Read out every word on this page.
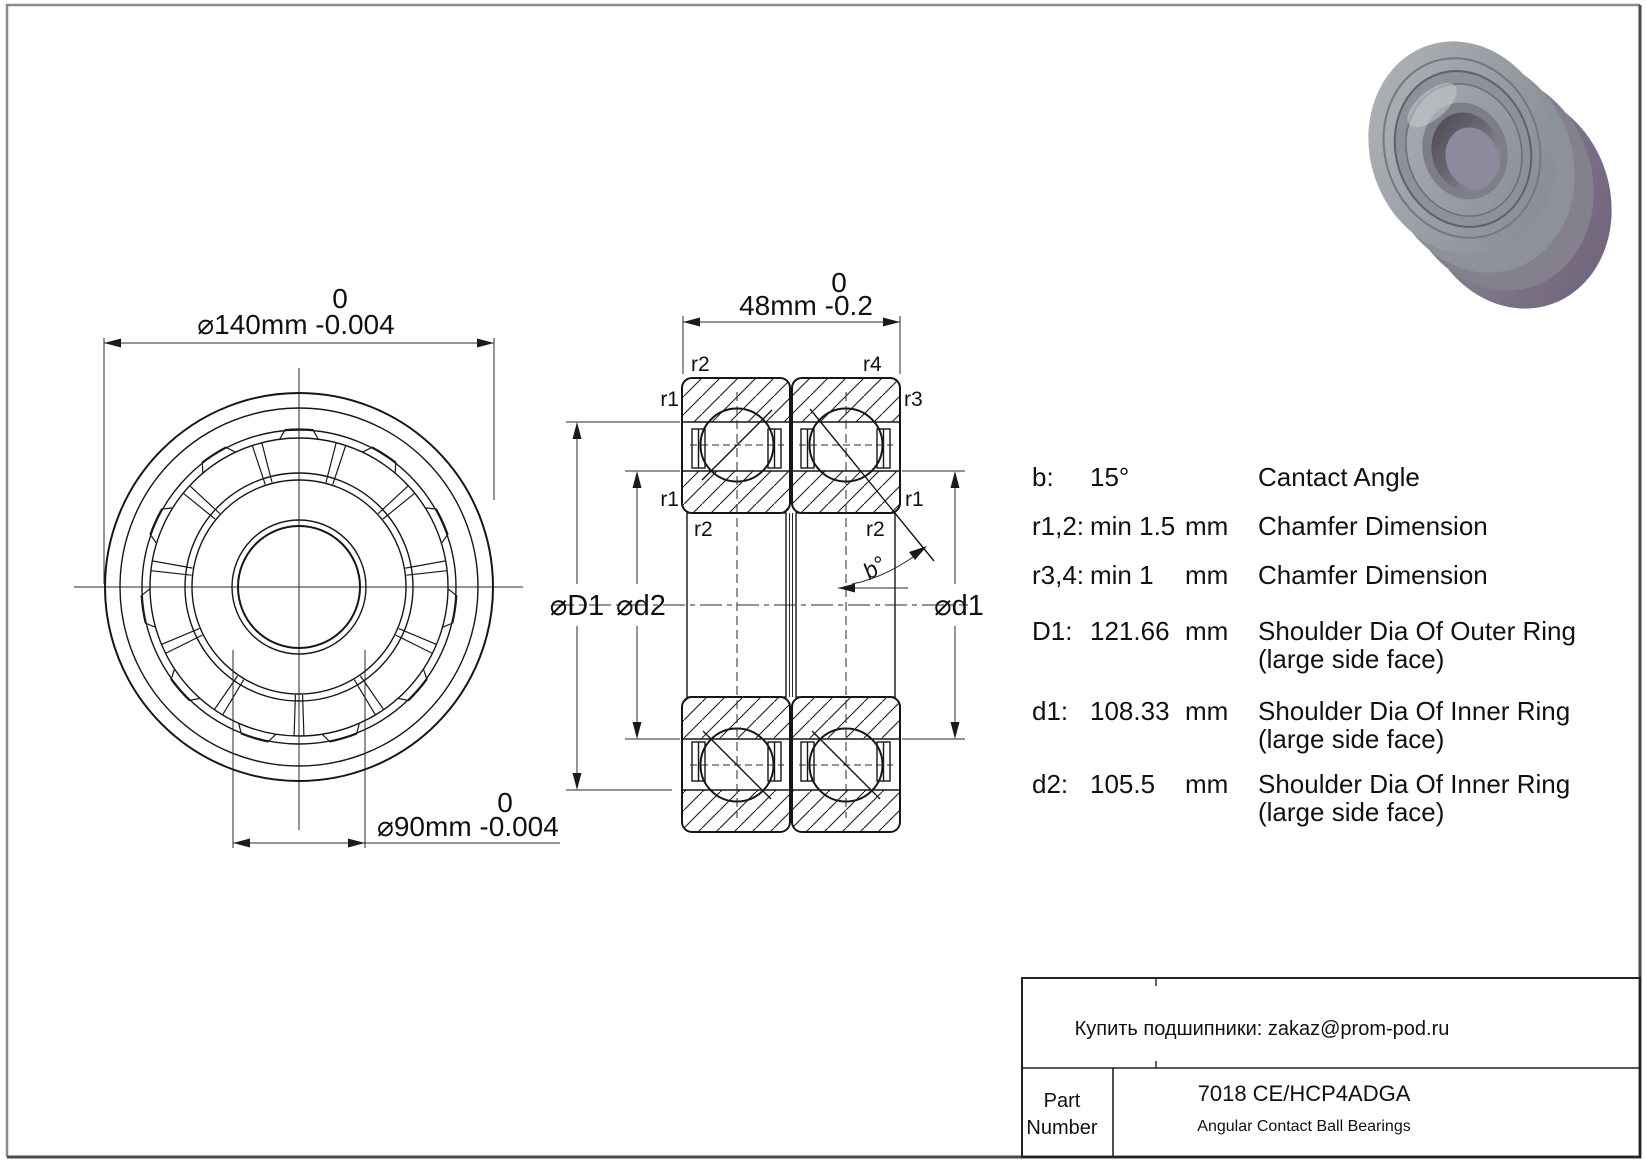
⌀140mm -0.004
0
⌀90mm -0.004
0
b°
48mm -0.2
0
⌀D1 ⌀d2	⌀d1
r2	r4
r1	r3
r1	r1
r2	r2
b: 15°	Cantact Angle
r1,2: min 1.5 mm Chamfer Dimension
r3,4: min 1 mm Chamfer Dimension
D1: 121.66 mm Shoulder Dia Of Outer Ring
(large side face)
d1: 108.33 mm Shoulder Dia Of Inner Ring
(large side face)
d2: 105.5 mm Shoulder Dia Of Inner Ring
(large side face)
Купить подшипники: zakaz@prom-pod.ru
Part
Number
7018 CE/HCP4ADGA
Angular Contact Ball Bearings
